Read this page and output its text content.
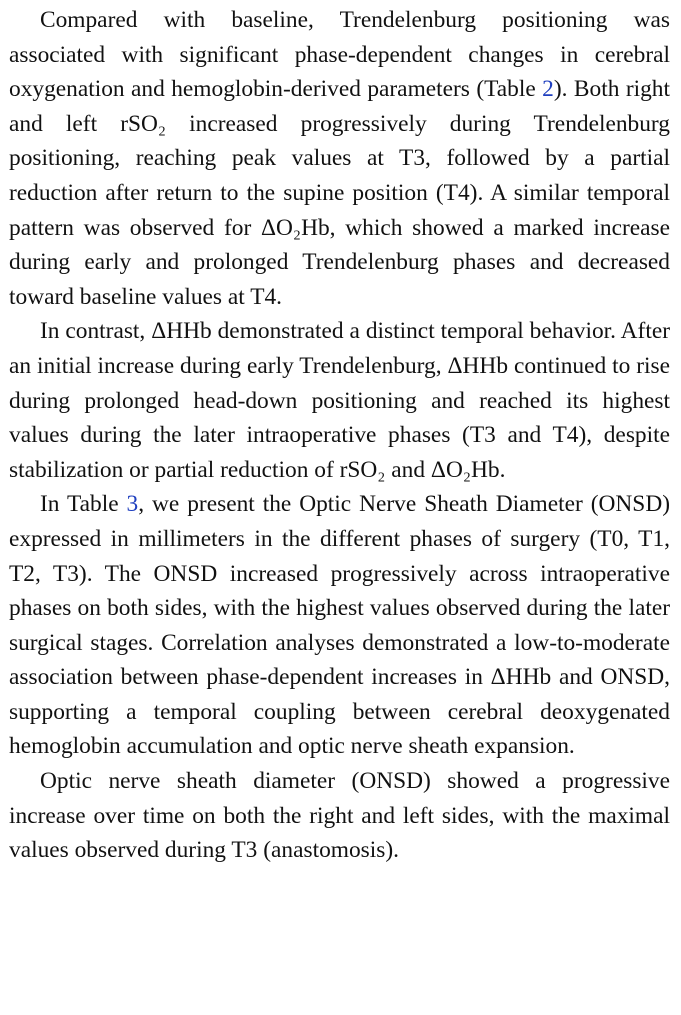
Compared with baseline, Trendelenburg positioning was associated with significant phase-dependent changes in cerebral oxygenation and hemoglobin-derived parameters (Table 2). Both right and left rSO₂ increased progressively during Trendelenburg positioning, reaching peak values at T3, followed by a partial reduction after return to the supine position (T4). A similar temporal pattern was observed for ΔO₂Hb, which showed a marked increase during early and prolonged Trendelenburg phases and decreased toward baseline values at T4.

In contrast, ΔHHb demonstrated a distinct temporal behavior. After an initial increase during early Trendelenburg, ΔHHb continued to rise during prolonged head-down positioning and reached its highest values during the later intraoperative phases (T3 and T4), despite stabilization or partial reduction of rSO₂ and ΔO₂Hb.

In Table 3, we present the Optic Nerve Sheath Diameter (ONSD) expressed in millimeters in the different phases of surgery (T0, T1, T2, T3). The ONSD increased progressively across intraoperative phases on both sides, with the highest values observed during the later surgical stages. Correlation analyses demonstrated a low-to-moderate association between phase-dependent increases in ΔHHb and ONSD, supporting a temporal coupling between cerebral deoxygenated hemoglobin accumulation and optic nerve sheath expansion.

Optic nerve sheath diameter (ONSD) showed a progressive increase over time on both the right and left sides, with the maximal values observed during T3 (anastomosis).
